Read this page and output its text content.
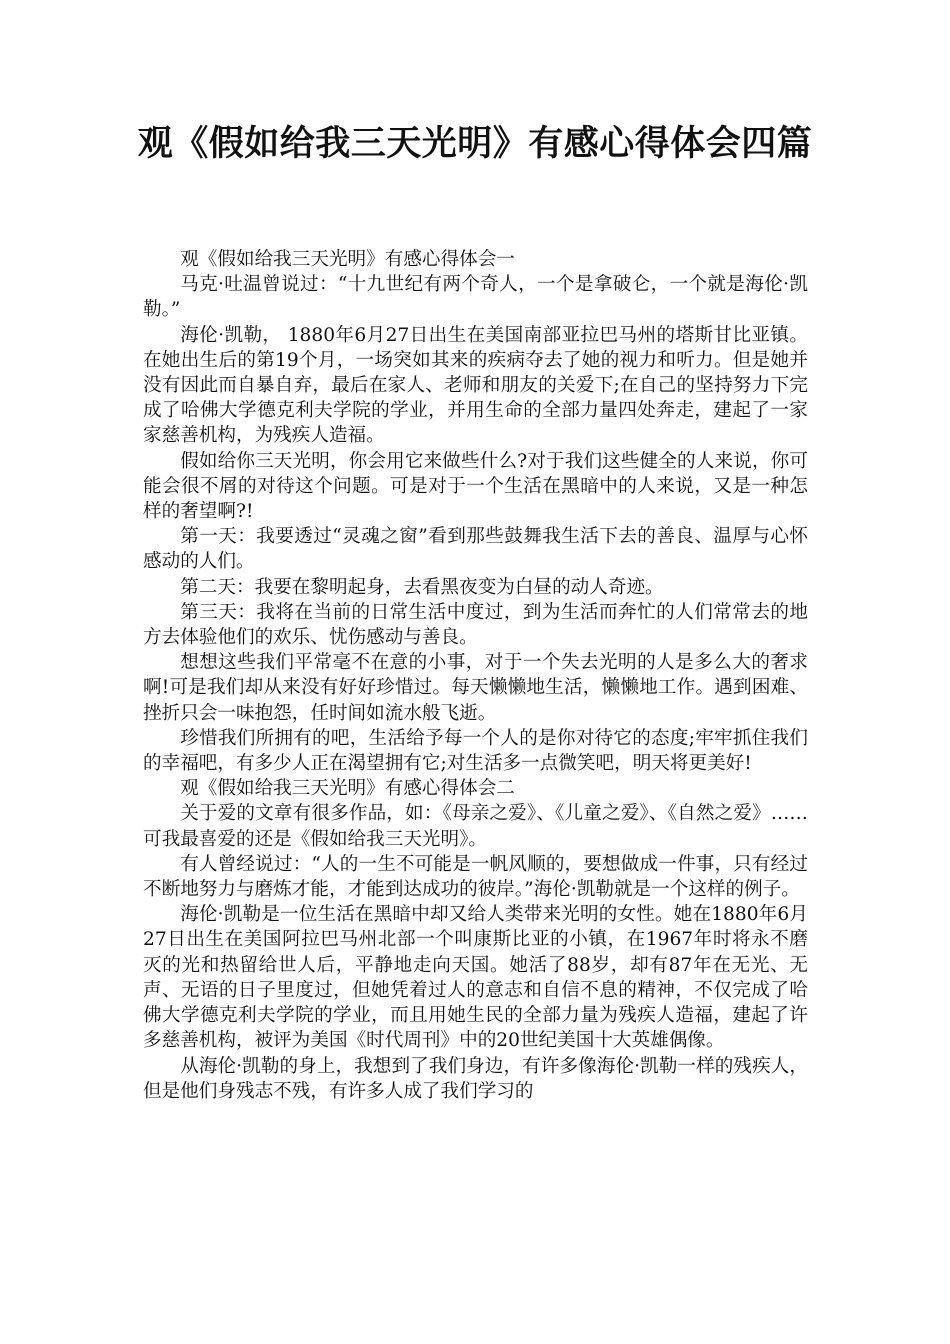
观《假如给我三天光明》有感心得体会四篇

观《假如给我三天光明》有感心得体会一

马克·吐温曾说过：“十九世纪有两个奇人，一个是拿破仑，一个就是海伦·凯勒。”

海伦·凯勒， 1880年6月27日出生在美国南部亚拉巴马州的塔斯甘比亚镇。在她出生后的第19个月，一场突如其来的疾病夺去了她的视力和听力。但是她并没有因此而自暴自弃，最后在家人、老师和朋友的关爱下;在自己的坚持努力下完成了哈佛大学德克利夫学院的学业，并用生命的全部力量四处奔走，建起了一家家慈善机构，为残疾人造福。

假如给你三天光明，你会用它来做些什么?对于我们这些健全的人来说，你可能会很不屑的对待这个问题。可是对于一个生活在黑暗中的人来说，又是一种怎样的奢望啊?!

第一天：我要透过“灵魂之窗”看到那些鼓舞我生活下去的善良、温厚与心怀感动的人们。

第二天：我要在黎明起身，去看黑夜变为白昼的动人奇迹。

第三天：我将在当前的日常生活中度过，到为生活而奔忙的人们常常去的地方去体验他们的欢乐、忧伤感动与善良。

想想这些我们平常毫不在意的小事，对于一个失去光明的人是多么大的奢求啊!可是我们却从来没有好好珍惜过。每天懒懒地生活，懒懒地工作。遇到困难、挫折只会一味抱怨，任时间如流水般飞逝。

珍惜我们所拥有的吧，生活给予每一个人的是你对待它的态度;牢牢抓住我们的幸福吧，有多少人正在渴望拥有它;对生活多一点微笑吧，明天将更美好!

观《假如给我三天光明》有感心得体会二

关于爱的文章有很多作品，如：《母亲之爱》、《儿童之爱》、《自然之爱》……可我最喜爱的还是《假如给我三天光明》。

有人曾经说过：“人的一生不可能是一帆风顺的，要想做成一件事，只有经过不断地努力与磨炼才能，才能到达成功的彼岸。”海伦·凯勒就是一个这样的例子。

海伦·凯勒是一位生活在黑暗中却又给人类带来光明的女性。她在1880年6月27日出生在美国阿拉巴马州北部一个叫康斯比亚的小镇，在1967年时将永不磨灭的光和热留给世人后，平静地走向天国。她活了88岁，却有87年在无光、无声、无语的日子里度过，但她凭着过人的意志和自信不息的精神，不仅完成了哈佛大学德克利夫学院的学业，而且用她生民的全部力量为残疾人造福，建起了许多慈善机构，被评为美国《时代周刊》中的20世纪美国十大英雄偶像。

从海伦·凯勒的身上，我想到了我们身边，有许多像海伦·凯勒一样的残疾人，但是他们身残志不残，有许多人成了我们学习的
